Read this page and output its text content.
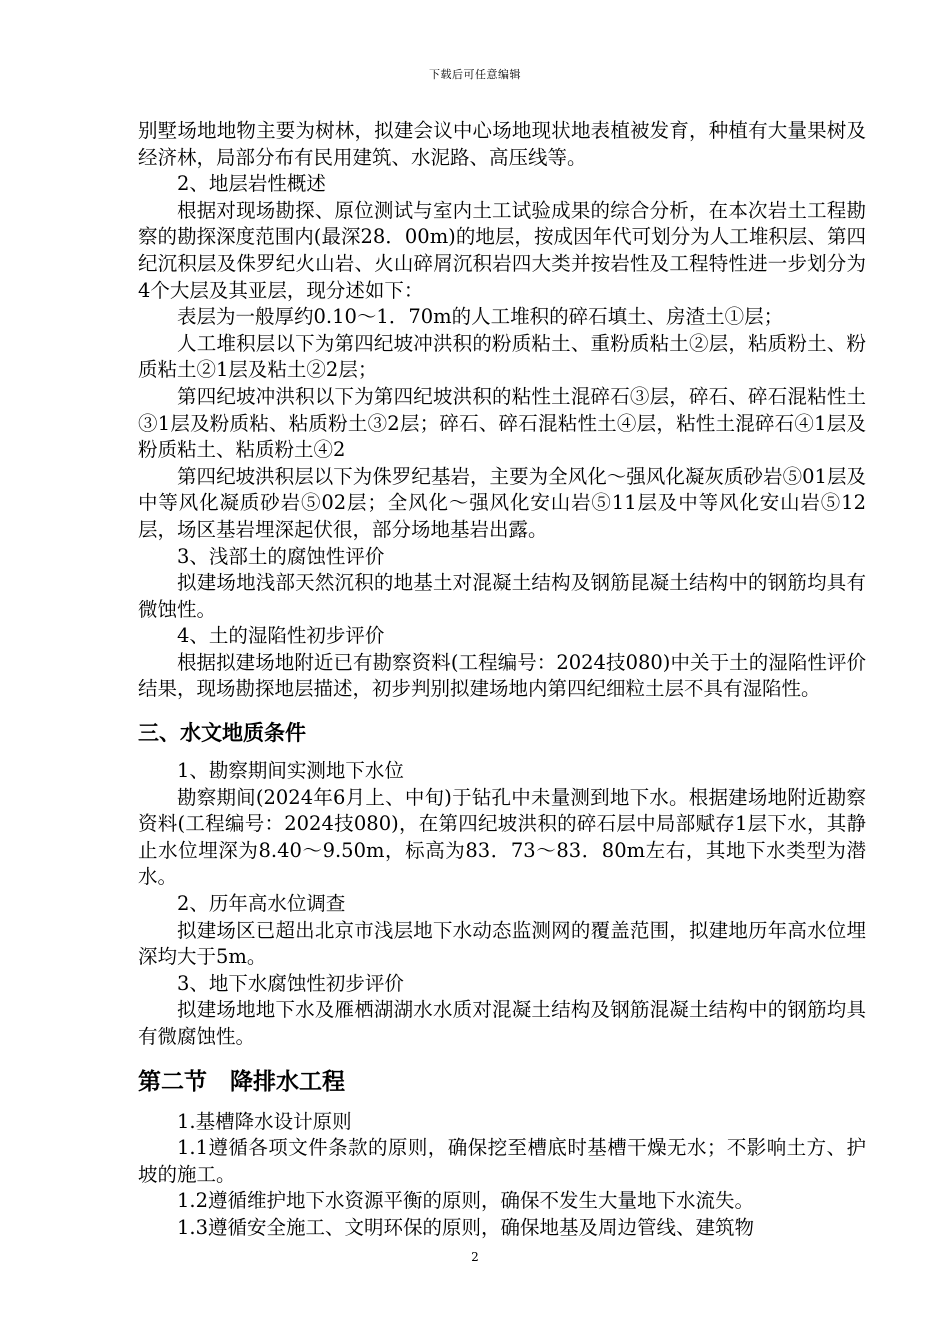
下载后可任意编辑

别墅场地地物主要为树林，拟建会议中心场地现状地表植被发育，种植有大量果树及经济林，局部分布有民用建筑、水泥路、高压线等。

2、地层岩性概述

根据对现场勘探、原位测试与室内土工试验成果的综合分析，在本次岩土工程勘察的勘探深度范围内(最深28．00m)的地层，按成因年代可划分为人工堆积层、第四纪沉积层及侏罗纪火山岩、火山碎屑沉积岩四大类并按岩性及工程特性进一步划分为4个大层及其亚层，现分述如下：

表层为一般厚约0.10～1．70m的人工堆积的碎石填土、房渣土①层；

人工堆积层以下为第四纪坡冲洪积的粉质粘土、重粉质粘土②层，粘质粉土、粉质粘土②1层及粘土②2层；

第四纪坡冲洪积以下为第四纪坡洪积的粘性土混碎石③层，碎石、碎石混粘性土③1层及粉质粘、粘质粉土③2层；碎石、碎石混粘性土④层，粘性土混碎石④1层及粉质粘土、粘质粉土④2

第四纪坡洪积层以下为侏罗纪基岩，主要为全风化～强风化凝灰质砂岩⑤01层及中等风化凝质砂岩⑤02层；全风化～强风化安山岩⑤11层及中等风化安山岩⑤12层，场区基岩埋深起伏很，部分场地基岩出露。

3、浅部土的腐蚀性评价

拟建场地浅部天然沉积的地基土对混凝土结构及钢筋昆凝土结构中的钢筋均具有微蚀性。

4、土的湿陷性初步评价

根据拟建场地附近已有勘察资料(工程编号：2024技080)中关于土的湿陷性评价结果，现场勘探地层描述，初步判别拟建场地内第四纪细粒土层不具有湿陷性。

三、水文地质条件

1、勘察期间实测地下水位

勘察期间(2024年6月上、中旬)于钻孔中未量测到地下水。根据建场地附近勘察资料(工程编号：2024技080)，在第四纪坡洪积的碎石层中局部赋存1层下水，其静止水位埋深为8.40～9.50m，标高为83．73～83．80m左右，其地下水类型为潜水。

2、历年高水位调查

拟建场区已超出北京市浅层地下水动态监测网的覆盖范围，拟建地历年高水位埋深均大于5m。

3、地下水腐蚀性初步评价

拟建场地地下水及雁栖湖湖水水质对混凝土结构及钢筋混凝土结构中的钢筋均具有微腐蚀性。

第二节　降排水工程

1.基槽降水设计原则

1.1遵循各项文件条款的原则，确保挖至槽底时基槽干燥无水；不影响土方、护坡的施工。

1.2遵循维护地下水资源平衡的原则，确保不发生大量地下水流失。

1.3遵循安全施工、文明环保的原则，确保地基及周边管线、建筑物

2
